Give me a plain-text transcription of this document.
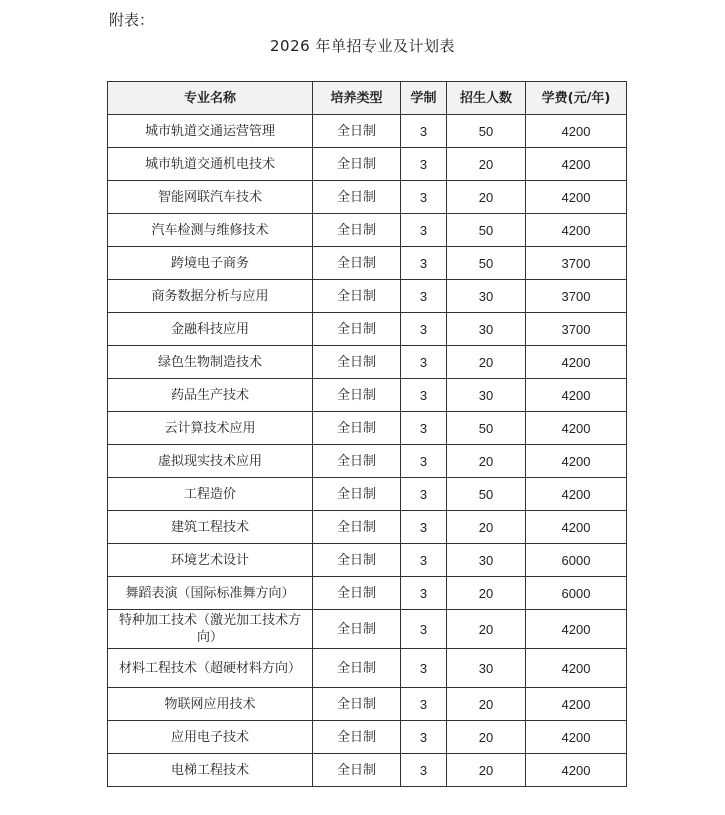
附表：
2026 年单招专业及计划表
专业名称	培养类型	学制	招生人数	学费(元/年)
城市轨道交通运营管理	全日制	3	50	4200
城市轨道交通机电技术	全日制	3	20	4200
智能网联汽车技术	全日制	3	20	4200
汽车检测与维修技术	全日制	3	50	4200
跨境电子商务	全日制	3	50	3700
商务数据分析与应用	全日制	3	30	3700
金融科技应用	全日制	3	30	3700
绿色生物制造技术	全日制	3	20	4200
药品生产技术	全日制	3	30	4200
云计算技术应用	全日制	3	50	4200
虚拟现实技术应用	全日制	3	20	4200
工程造价	全日制	3	50	4200
建筑工程技术	全日制	3	20	4200
环境艺术设计	全日制	3	30	6000
舞蹈表演（国际标准舞方向）	全日制	3	20	6000
特种加工技术（激光加工技术方向）	全日制	3	20	4200
材料工程技术（超硬材料方向）	全日制	3	30	4200
物联网应用技术	全日制	3	20	4200
应用电子技术	全日制	3	20	4200
电梯工程技术	全日制	3	20	4200
